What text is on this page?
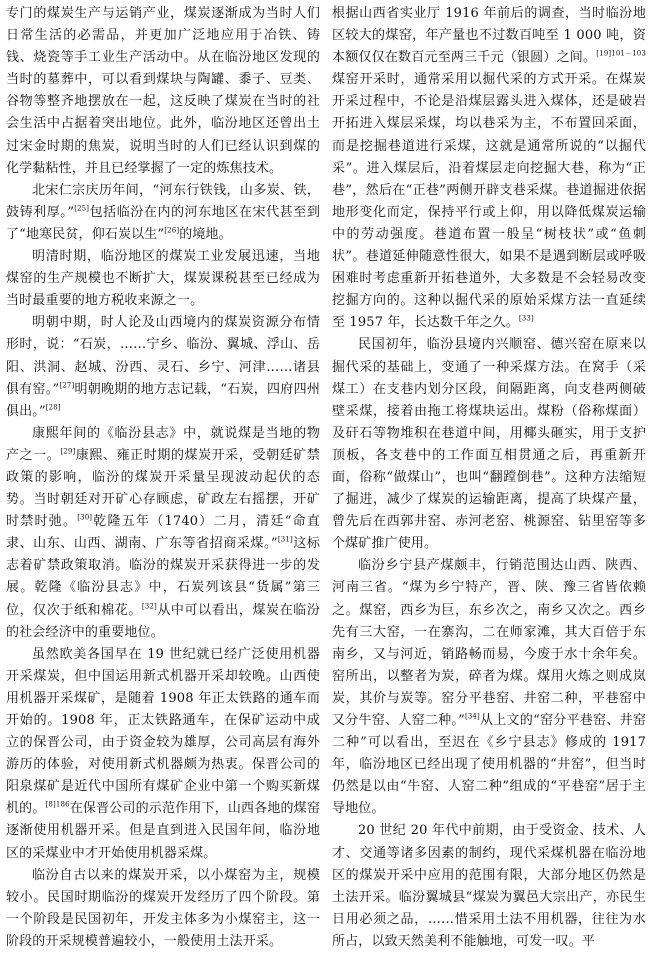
专门的煤炭生产与运销产业，煤炭逐渐成为当时人们日常生活的必需品，并更加广泛地应用于冶铁、铸钱、烧瓷等手工业生产活动中。从在临汾地区发现的当时的墓葬中，可以看到煤块与陶罐、黍子、豆类、谷物等整齐地摆放在一起，这反映了煤炭在当时的社会生活中占据着突出地位。此外，临汾地区还曾出土过宋金时期的焦炭，说明当时的人们已经认识到煤的化学黏粘性，并且已经掌握了一定的炼焦技术。

北宋仁宗庆历年间，“河东行铁钱，山多炭、铁，鼓铸利厚。”[25]包括临汾在内的河东地区在宋代甚至到了“地寒民贫，仰石炭以生”[26]的境地。

明清时期，临汾地区的煤炭工业发展迅速，当地煤窑的生产规模也不断扩大，煤炭课税甚至已经成为当时最重要的地方税收来源之一。

明朝中期，时人论及山西境内的煤炭资源分布情形时，说：“石炭，……宁乡、临汾、翼城、浮山、岳阳、洪洞、赵城、汾西、灵石、乡宁、河津……诸县俱有窑。”[27]明朝晚期的地方志记载，“石炭，四府四州俱出。”[28]

康熙年间的《临汾县志》中，就说煤是当地的物产之一。[29]康熙、雍正时期的煤炭开采，受朝廷矿禁政策的影响，临汾的煤炭开采量呈现波动起伏的态势。当时朝廷对开矿心存顾虑，矿政左右摇摆，开矿时禁时弛。[30]乾隆五年（1740）二月，清廷“命直隶、山东、山西、湖南、广东等省招商采煤。”[31]这标志着矿禁政策取消。临汾的煤炭开采获得进一步的发展。乾隆《临汾县志》中，石炭列该县“货属”第三位，仅次于纸和棉花。[32]从中可以看出，煤炭在临汾的社会经济中的重要地位。

虽然欧美各国早在 19 世纪就已经广泛使用机器开采煤炭，但中国运用新式机器开采却较晚。山西使用机器开采煤矿，是随着 1908 年正太铁路的通车而开始的。1908 年，正太铁路通车，在保矿运动中成立的保晋公司，由于资金较为雄厚，公司高层有海外游历的体验，对使用新式机器颇为热衷。保晋公司的阳泉煤矿是近代中国所有煤矿企业中第一个购买新煤机的。$^{[8]186}$在保晋公司的示范作用下，山西各地的煤窑逐渐使用机器开采。但是直到进入民国年间，临汾地区的采煤业中才开始使用机器采煤。

临汾自古以来的煤炭开采，以小煤窑为主，规模较小。民国时期临汾的煤炭开发经历了四个阶段。第一个阶段是民国初年，开发主体多为小煤窑主，这一阶段的开采规模普遍较小，一般使用土法开采。

根据山西省实业厅 1916 年前后的调查，当时临汾地区较大的煤窑，年产量也不过数百吨至 1 000 吨，资本额仅仅在数百元至两三千元（银圆）之间。$^{[19]101-103}$煤窑开采时，通常采用以掘代采的方式开采。在煤炭开采过程中，不论是沿煤层露头进入煤体，还是破岩开拓进入煤层采煤，均以巷采为主，不布置回采面，而是挖掘巷道进行采煤，这就是通常所说的“以掘代采”。进入煤层后，沿着煤层走向挖掘大巷，称为“正巷”，然后在“正巷”两侧开辟支巷采煤。巷道掘进依据地形变化而定，保持平行或上仰，用以降低煤炭运输中的劳动强度。巷道布置一般呈“树枝状”或“鱼刺状”。巷道延伸随意性很大，如果不是遇到断层或呼吸困难时考虑重新开拓巷道外，大多数是不会轻易改变挖掘方向的。这种以掘代采的原始采煤方法一直延续至 1957 年，长达数千年之久。[33]

民国初年，临汾县境内兴顺窑、德兴窑在原来以掘代采的基础上，变通了一种采煤方法。在窝手（采煤工）在支巷内划分区段，间隔距离，向支巷两侧破壁采煤，接着由拖工将煤块运出。煤粉（俗称煤面）及矸石等物堆积在巷道中间，用椰头砸实，用于支护顶板，各支巷中的工作面互相贯通之后，再重新开面，俗称“做煤山”，也叫“翻蹚倒巷”。这种方法缩短了掘进，减少了煤炭的运输距离，提高了块煤产量，曾先后在西郭井窑、赤河老窑、桃源窑、钻里窑等多个煤矿推广使用。

临汾乡宁县产煤颇丰，行销范围达山西、陕西、河南三省。“煤为乡宁特产，晋、陕、豫三省皆依赖之。煤窑，西乡为巨，东乡次之，南乡又次之。西乡先有三大窑，一在寨沟，二在师家滩，其大百倍于东南乡，又与河近，销路畅而易，今废于水十余年矣。窑所出，以整者为炭，碎者为煤。煤用火炼之则成岚炭，其价与炭等。窑分平巷窑、井窑二种，平巷窑中又分牛窑、人窑二种。”[34]从上文的“窑分平巷窑、井窑二种”可以看出，至迟在《乡宁县志》修成的 1917 年，临汾地区已经出现了使用机器的“井窑”，但当时仍然是以由“牛窑、人窑二种”组成的“平巷窑”居于主导地位。

20 世纪 20 年代中前期，由于受资金、技术、人才、交通等诸多因素的制约，现代采煤机器在临汾地区的煤炭开采中应用的范围有限，大部分地区仍然是土法开采。临汾翼城县“煤炭为翼邑大宗出产，亦民生日用必须之品，……惜采用土法不用机器，往往为水所占，以致天然美利不能触地，可发一叹。平
